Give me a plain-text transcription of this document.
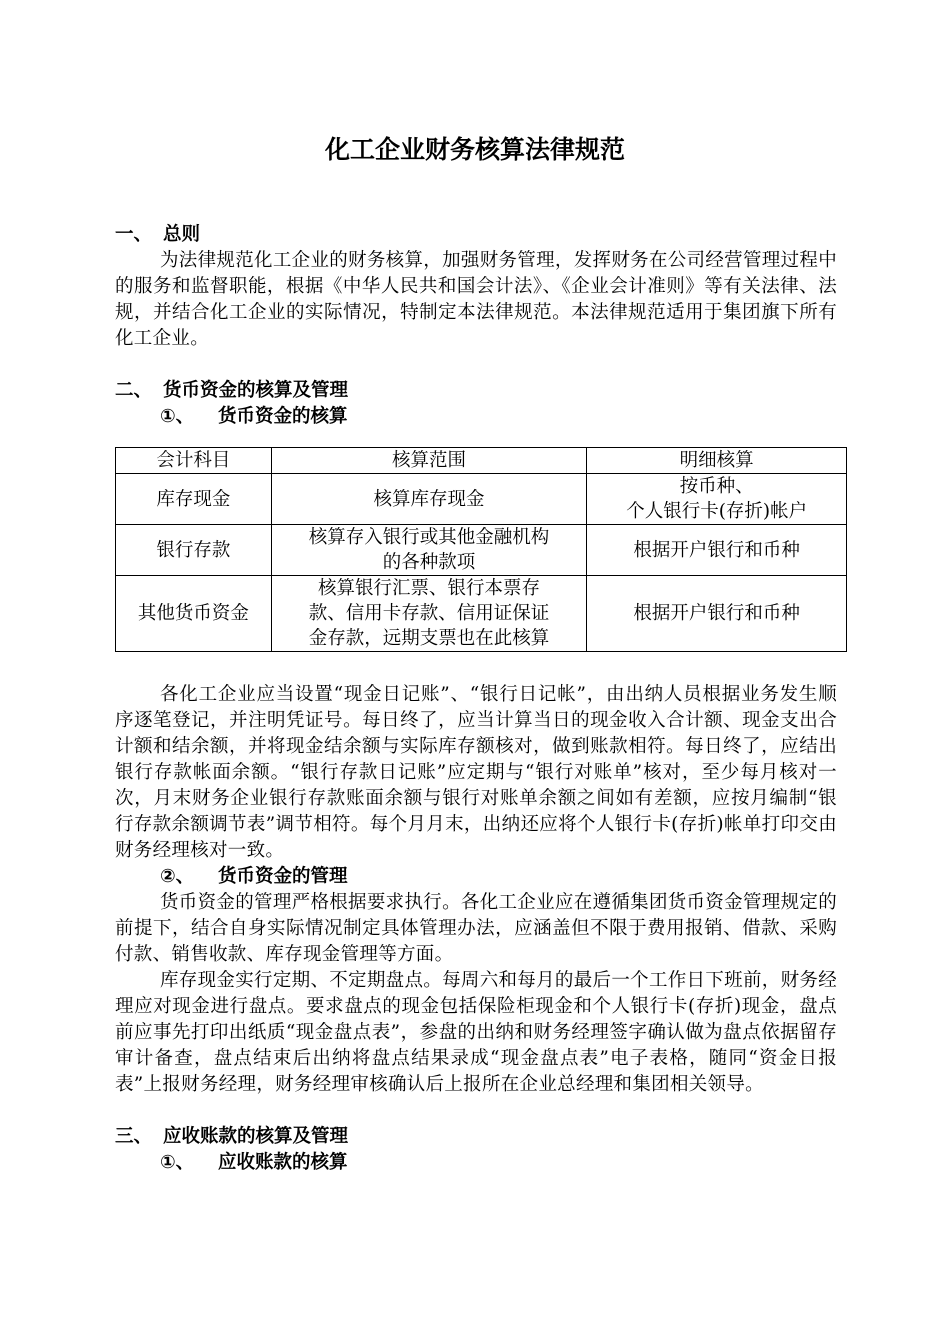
化工企业财务核算法律规范
一、 总则

为法律规范化工企业的财务核算，加强财务管理，发挥财务在公司经营管理过程中的服务和监督职能，根据《中华人民共和国会计法》、《企业会计准则》等有关法律、法规，并结合化工企业的实际情况，特制定本法律规范。本法律规范适用于集团旗下所有化工企业。

二、 货币资金的核算及管理
①、 货币资金的核算
会计科目	核算范围	明细核算
库存现金	核算库存现金	按币种、
个人银行卡(存折)帐户

银行存款	核算存入银行或其他金融机构
的各种款项	根据开户银行和币种
其他货币资金	核算银行汇票、银行本票存
款、信用卡存款、信用证保证
金存款，远期支票也在此核算	根据开户银行和币种

各化工企业应当设置“现金日记账”、“银行日记帐”，由出纳人员根据业务发生顺序逐笔登记，并注明凭证号。每日终了，应当计算当日的现金收入合计额、现金支出合计额和结余额，并将现金结余额与实际库存额核对，做到账款相符。每日终了，应结出银行存款帐面余额。“银行存款日记账”应定期与“银行对账单”核对，至少每月核对一次，月末财务企业银行存款账面余额与银行对账单余额之间如有差额，应按月编制“银行存款余额调节表”调节相符。每个月月末，出纳还应将个人银行卡(存折)帐单打印交由财务经理核对一致。

②、 货币资金的管理

货币资金的管理严格根据要求执行。各化工企业应在遵循集团货币资金管理规定的前提下，结合自身实际情况制定具体管理办法，应涵盖但不限于费用报销、借款、采购付款、销售收款、库存现金管理等方面。

库存现金实行定期、不定期盘点。每周六和每月的最后一个工作日下班前，财务经理应对现金进行盘点。要求盘点的现金包括保险柜现金和个人银行卡(存折)现金，盘点前应事先打印出纸质“现金盘点表”，参盘的出纳和财务经理签字确认做为盘点依据留存审计备查，盘点结束后出纳将盘点结果录成“现金盘点表”电子表格，随同“资金日报表”上报财务经理，财务经理审核确认后上报所在企业总经理和集团相关领导。

三、 应收账款的核算及管理
①、 应收账款的核算
